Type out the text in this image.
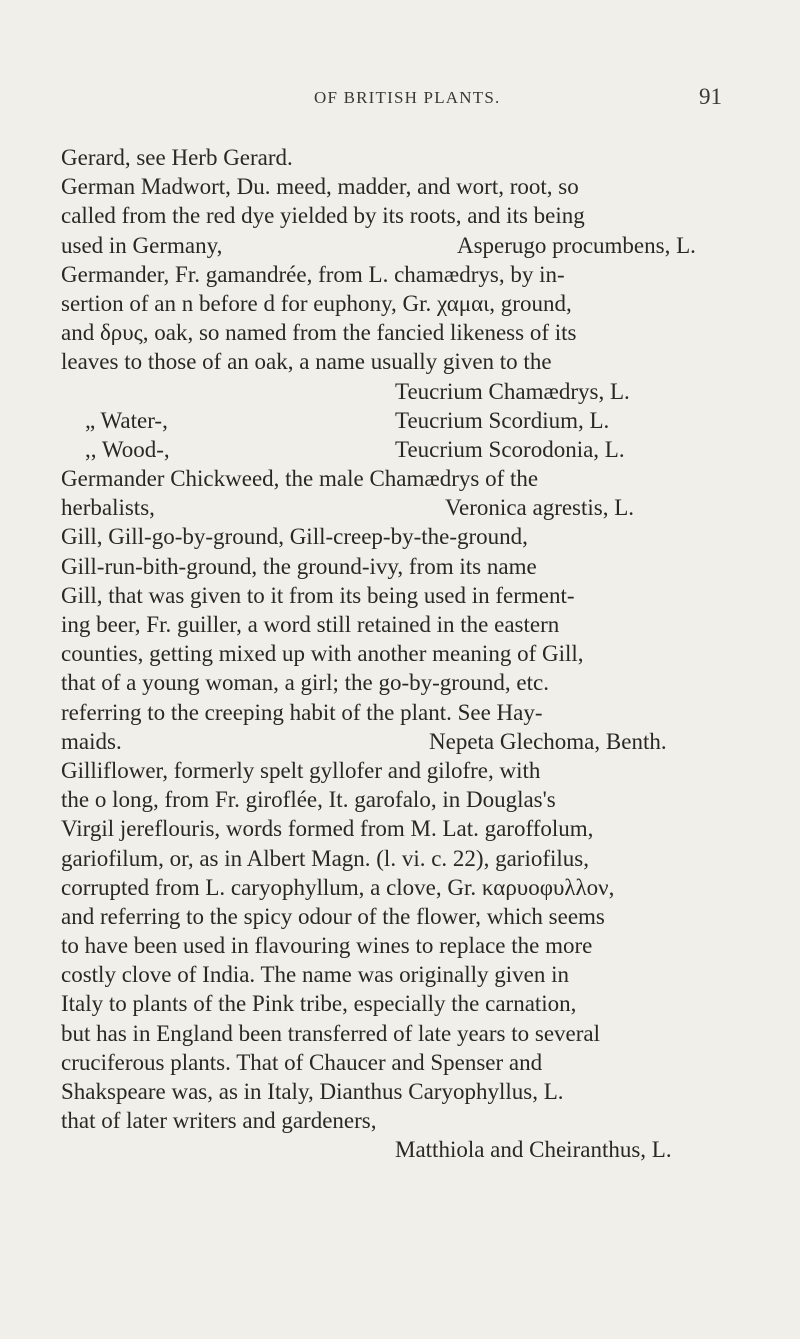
OF BRITISH PLANTS.	91
Gerard, see Herb Gerard.
German Madwort, Du. meed, madder, and wort, root, so
called from the red dye yielded by its roots, and its being
used in Germany,	Asperugo procumbens, L.
Germander, Fr. gamandrée, from L. chamædrys, by in-
sertion of an n before d for euphony, Gr. χαμαι, ground,
and δρυς, oak, so named from the fancied likeness of its
leaves to those of an oak, a name usually given to the
Teucrium Chamædrys, L.
„ Water-,	Teucrium Scordium, L.
,, Wood-,	Teucrium Scorodonia, L.
Germander Chickweed, the male Chamædrys of the
herbalists,	Veronica agrestis, L.
Gill, Gill-go-by-ground, Gill-creep-by-the-ground,
Gill-run-bith-ground, the ground-ivy, from its name
Gill, that was given to it from its being used in ferment-
ing beer, Fr. guiller, a word still retained in the eastern
counties, getting mixed up with another meaning of Gill,
that of a young woman, a girl; the go-by-ground, etc.
referring to the creeping habit of the plant. See Hay-
maids.	Nepeta Glechoma, Benth.
Gilliflower, formerly spelt gyllofer and gilofre, with
the o long, from Fr. giroflée, It. garofalo, in Douglas's
Virgil jereflouris, words formed from M. Lat. garoffolum,
gariofilum, or, as in Albert Magn. (l. vi. c. 22), gariofilus,
corrupted from L. caryophyllum, a clove, Gr. καρυοφυλλον,
and referring to the spicy odour of the flower, which seems
to have been used in flavouring wines to replace the more
costly clove of India. The name was originally given in
Italy to plants of the Pink tribe, especially the carnation,
but has in England been transferred of late years to several
cruciferous plants. That of Chaucer and Spenser and
Shakspeare was, as in Italy, Dianthus Caryophyllus, L.
that of later writers and gardeners,
Matthiola and Cheiranthus, L.
